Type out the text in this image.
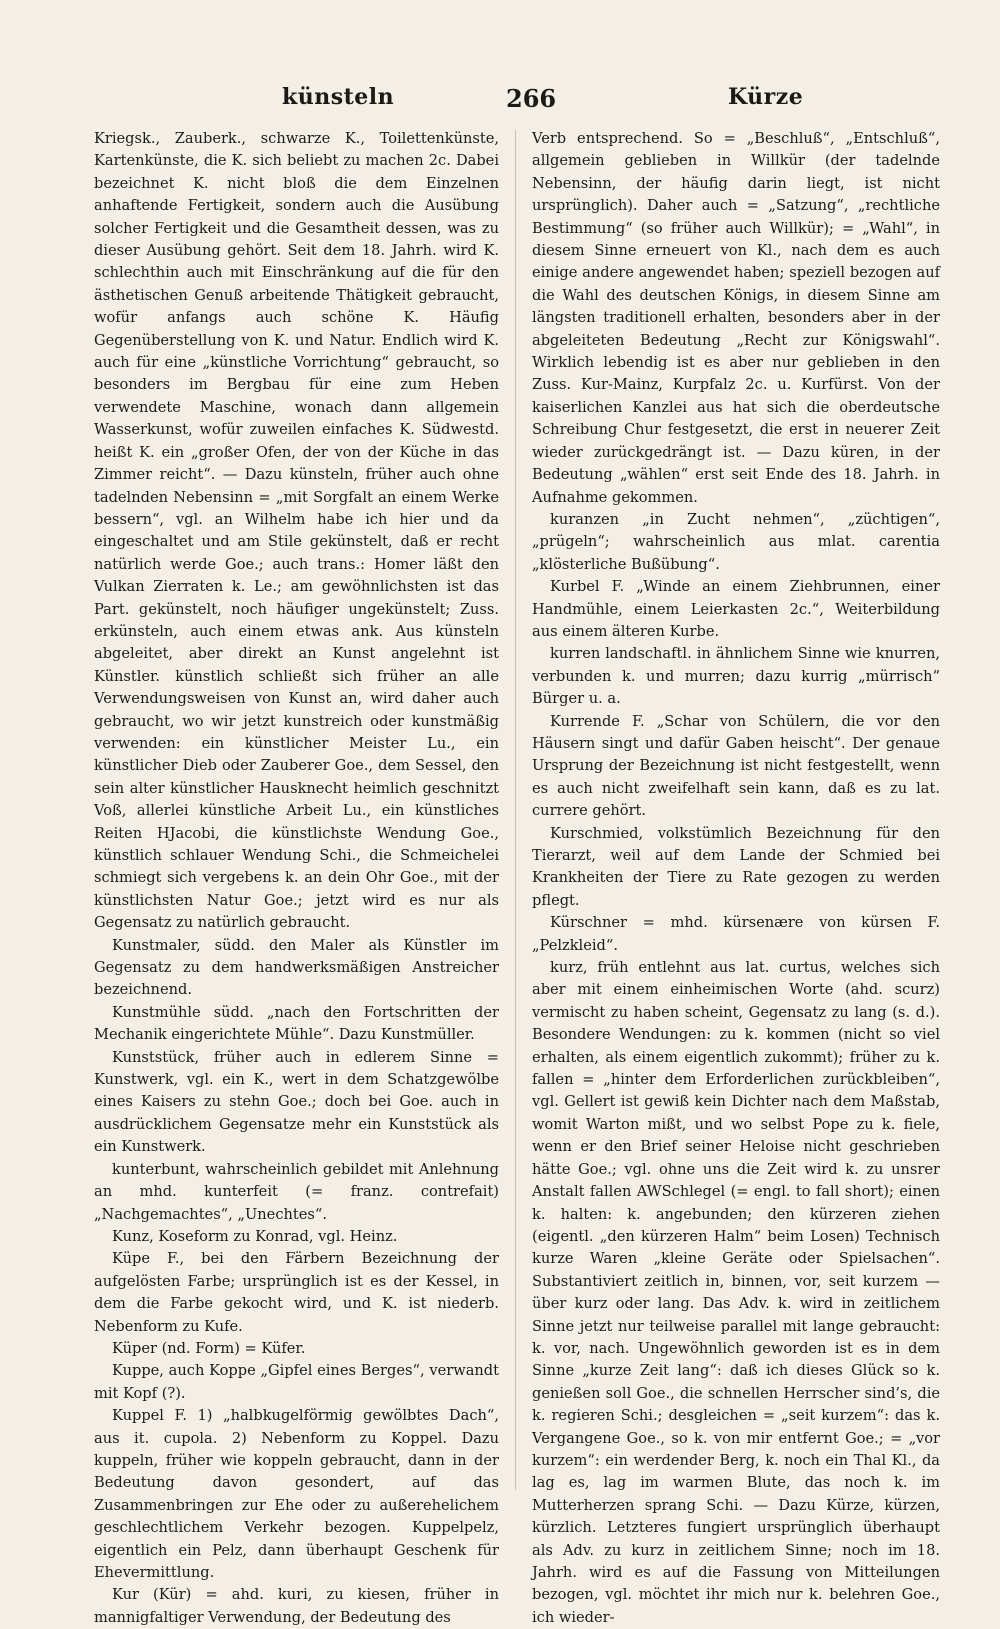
künsteln	266	Kürze

Kriegsk., Zauberk., schwarze K., Toilettenkünste, Kartenkünste, die K. sich beliebt zu machen 2c. Dabei bezeichnet K. nicht bloß die dem Einzelnen anhaftende Fertigkeit, sondern auch die Ausübung solcher Fertigkeit und die Gesamtheit dessen, was zu dieser Ausübung gehört. Seit dem 18. Jahrh. wird K. schlechthin auch mit Einschränkung auf die für den ästhetischen Genuß arbeitende Thätigkeit gebraucht, wofür anfangs auch schöne K. Häufig Gegenüberstellung von K. und Natur. Endlich wird K. auch für eine „künstliche Vorrichtung“ gebraucht, so besonders im Bergbau für eine zum Heben verwendete Maschine, wonach dann allgemein Wasserkunst, wofür zuweilen einfaches K. Südwestd. heißt K. ein „großer Ofen, der von der Küche in das Zimmer reicht“. — Dazu künsteln, früher auch ohne tadelnden Nebensinn = „mit Sorgfalt an einem Werke bessern“, vgl. an Wilhelm habe ich hier und da eingeschaltet und am Stile gekünstelt, daß er recht natürlich werde Goe.; auch trans.: Homer läßt den Vulkan Zierraten k. Le.; am gewöhnlichsten ist das Part. gekünstelt, noch häufiger ungekünstelt; Zuss. erkünsteln, auch einem etwas ank. Aus künsteln abgeleitet, aber direkt an Kunst angelehnt ist Künstler. künstlich schließt sich früher an alle Verwendungsweisen von Kunst an, wird daher auch gebraucht, wo wir jetzt kunstreich oder kunstmäßig verwenden: ein künstlicher Meister Lu., ein künstlicher Dieb oder Zauberer Goe., dem Sessel, den sein alter künstlicher Hausknecht heimlich geschnitzt Voß, allerlei künstliche Arbeit Lu., ein künstliches Reiten HJacobi, die künstlichste Wendung Goe., künstlich schlauer Wendung Schi., die Schmeichelei schmiegt sich vergebens k. an dein Ohr Goe., mit der künstlichsten Natur Goe.; jetzt wird es nur als Gegensatz zu natürlich gebraucht.

Kunstmaler, südd. den Maler als Künstler im Gegensatz zu dem handwerksmäßigen Anstreicher bezeichnend.

Kunstmühle südd. „nach den Fortschritten der Mechanik eingerichtete Mühle“. Dazu Kunstmüller.

Kunststück, früher auch in edlerem Sinne = Kunstwerk, vgl. ein K., wert in dem Schatzgewölbe eines Kaisers zu stehn Goe.; doch bei Goe. auch in ausdrücklichem Gegensatze mehr ein Kunststück als ein Kunstwerk.

kunterbunt, wahrscheinlich gebildet mit Anlehnung an mhd. kunterfeit (= franz. contrefait) „Nachgemachtes“, „Unechtes“.

Kunz, Koseform zu Konrad, vgl. Heinz.

Küpe F., bei den Färbern Bezeichnung der aufgelösten Farbe; ursprünglich ist es der Kessel, in dem die Farbe gekocht wird, und K. ist niederb. Nebenform zu Kufe.

Küper (nd. Form) = Küfer.

Kuppe, auch Koppe „Gipfel eines Berges“, verwandt mit Kopf (?).

Kuppel F. 1) „halbkugelförmig gewölbtes Dach“, aus it. cupola. 2) Nebenform zu Koppel. Dazu kuppeln, früher wie koppeln gebraucht, dann in der Bedeutung davon gesondert, auf das Zusammenbringen zur Ehe oder zu außerehelichem geschlechtlichem Verkehr bezogen. Kuppelpelz, eigentlich ein Pelz, dann überhaupt Geschenk für Ehevermittlung.

Kur (Kür) = ahd. kuri, zu kiesen, früher in mannigfaltiger Verwendung, der Bedeutung des

Verb entsprechend. So = „Beschluß“, „Entschluß“, allgemein geblieben in Willkür (der tadelnde Nebensinn, der häufig darin liegt, ist nicht ursprünglich). Daher auch = „Satzung“, „rechtliche Bestimmung“ (so früher auch Willkür); = „Wahl“, in diesem Sinne erneuert von Kl., nach dem es auch einige andere angewendet haben; speziell bezogen auf die Wahl des deutschen Königs, in diesem Sinne am längsten traditionell erhalten, besonders aber in der abgeleiteten Bedeutung „Recht zur Königswahl“. Wirklich lebendig ist es aber nur geblieben in den Zuss. Kur-Mainz, Kurpfalz 2c. u. Kurfürst. Von der kaiserlichen Kanzlei aus hat sich die oberdeutsche Schreibung Chur festgesetzt, die erst in neuerer Zeit wieder zurückgedrängt ist. — Dazu küren, in der Bedeutung „wählen“ erst seit Ende des 18. Jahrh. in Aufnahme gekommen.

kuranzen „in Zucht nehmen“, „züchtigen“, „prügeln“; wahrscheinlich aus mlat. carentia „klösterliche Bußübung“.

Kurbel F. „Winde an einem Ziehbrunnen, einer Handmühle, einem Leierkasten 2c.“, Weiterbildung aus einem älteren Kurbe.

kurren landschaftl. in ähnlichem Sinne wie knurren, verbunden k. und murren; dazu kurrig „mürrisch“ Bürger u. a.

Kurrende F. „Schar von Schülern, die vor den Häusern singt und dafür Gaben heischt“. Der genaue Ursprung der Bezeichnung ist nicht festgestellt, wenn es auch nicht zweifelhaft sein kann, daß es zu lat. currere gehört.

Kurschmied, volkstümlich Bezeichnung für den Tierarzt, weil auf dem Lande der Schmied bei Krankheiten der Tiere zu Rate gezogen zu werden pflegt.

Kürschner = mhd. kürsenære von kürsen F. „Pelzkleid“.

kurz, früh entlehnt aus lat. curtus, welches sich aber mit einem einheimischen Worte (ahd. scurz) vermischt zu haben scheint, Gegensatz zu lang (s. d.). Besondere Wendungen: zu k. kommen (nicht so viel erhalten, als einem eigentlich zukommt); früher zu k. fallen = „hinter dem Erforderlichen zurückbleiben“, vgl. Gellert ist gewiß kein Dichter nach dem Maßstab, womit Warton mißt, und wo selbst Pope zu k. fiele, wenn er den Brief seiner Heloise nicht geschrieben hätte Goe.; vgl. ohne uns die Zeit wird k. zu unsrer Anstalt fallen AWSchlegel (= engl. to fall short); einen k. halten: k. angebunden; den kürzeren ziehen (eigentl. „den kürzeren Halm“ beim Losen) Technisch kurze Waren „kleine Geräte oder Spielsachen“. Substantiviert zeitlich in, binnen, vor, seit kurzem — über kurz oder lang. Das Adv. k. wird in zeitlichem Sinne jetzt nur teilweise parallel mit lange gebraucht: k. vor, nach. Ungewöhnlich geworden ist es in dem Sinne „kurze Zeit lang“: daß ich dieses Glück so k. genießen soll Goe., die schnellen Herrscher sind’s, die k. regieren Schi.; desgleichen = „seit kurzem“: das k. Vergangene Goe., so k. von mir entfernt Goe.; = „vor kurzem“: ein werdender Berg, k. noch ein Thal Kl., da lag es, lag im warmen Blute, das noch k. im Mutterherzen sprang Schi. — Dazu Kürze, kürzen, kürzlich. Letzteres fungiert ursprünglich überhaupt als Adv. zu kurz in zeitlichem Sinne; noch im 18. Jahrh. wird es auf die Fassung von Mitteilungen bezogen, vgl. möchtet ihr mich nur k. belehren Goe., ich wieder-
